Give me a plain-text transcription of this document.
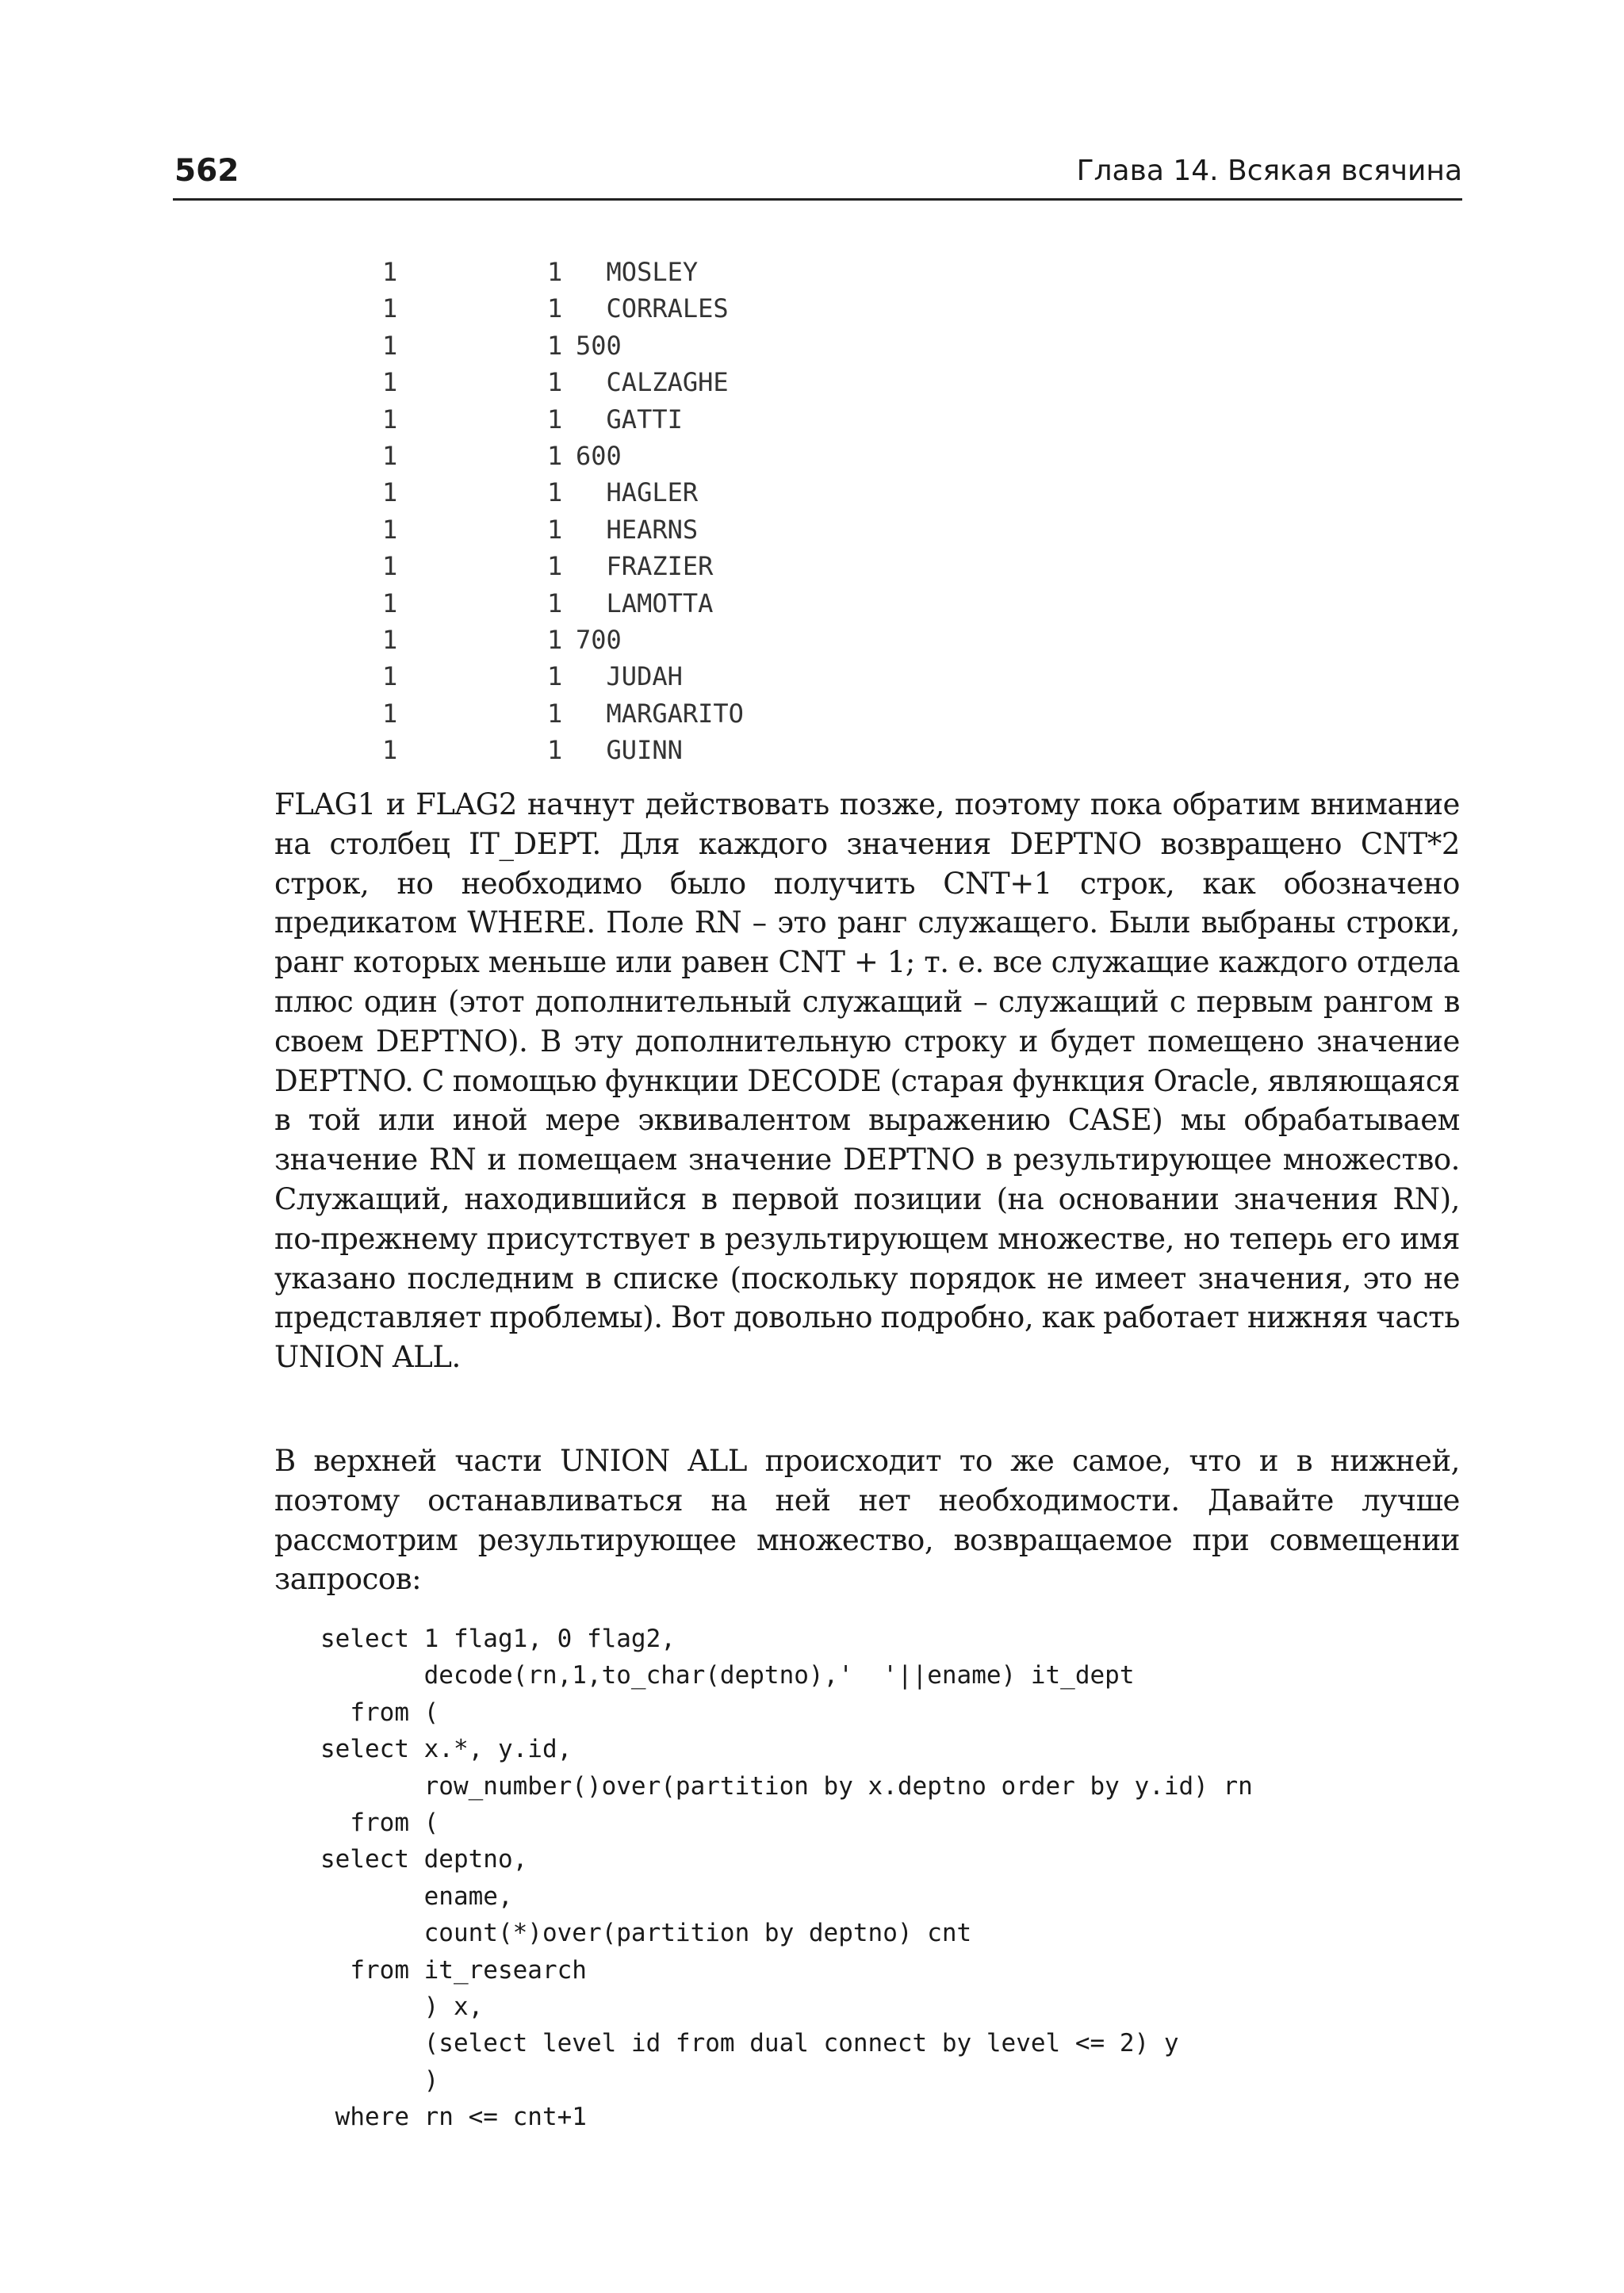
562	Глава 14. Всякая всячина

1	1 MOSLEY
1	1 CORRALES
1	1 500
1	1 CALZAGHE
1	1 GATTI
1	1 600
1	1 HAGLER
1	1 HEARNS
1	1 FRAZIER
1	1 LAMOTTA
1	1 700
1	1 JUDAH
1	1 MARGARITO
1	1 GUINN

FLAG1 и FLAG2 начнут действовать позже, поэтому пока обратим внимание на столбец IT_DEPT. Для каждого значения DEPTNO возвращено CNT*2 строк, но необходимо было получить CNT+1 строк, как обозначено предикатом WHERE. Поле RN – это ранг служащего. Были выбраны строки, ранг которых меньше или равен CNT + 1; т. е. все служащие каждого отдела плюс один (этот дополнительный служащий – служащий с первым рангом в своем DEPTNO). В эту дополнительную строку и будет помещено значение DEPTNO. С помощью функции DECODE (старая функция Oracle, являющаяся в той или иной мере эквивалентом выражению CASE) мы обрабатываем значение RN и помещаем значение DEPTNO в результирующее множество. Служащий, находившийся в первой позиции (на основании значения RN), по-прежнему присутствует в результирующем множестве, но теперь его имя указано последним в списке (поскольку порядок не имеет значения, это не представляет проблемы). Вот довольно подробно, как работает нижняя часть UNION ALL.

В верхней части UNION ALL происходит то же самое, что и в нижней, поэтому останавливаться на ней нет необходимости. Давайте лучше рассмотрим результирующее множество, возвращаемое при совмещении запросов:

select 1 flag1, 0 flag2,
decode(rn,1,to_char(deptno),'  '||ename) it_dept
from (
select x.*, y.id,
row_number()over(partition by x.deptno order by y.id) rn
from (
select deptno,
ename,
count(*)over(partition by deptno) cnt
from it_research
) x,
(select level id from dual connect by level <= 2) y
)
where rn <= cnt+1
